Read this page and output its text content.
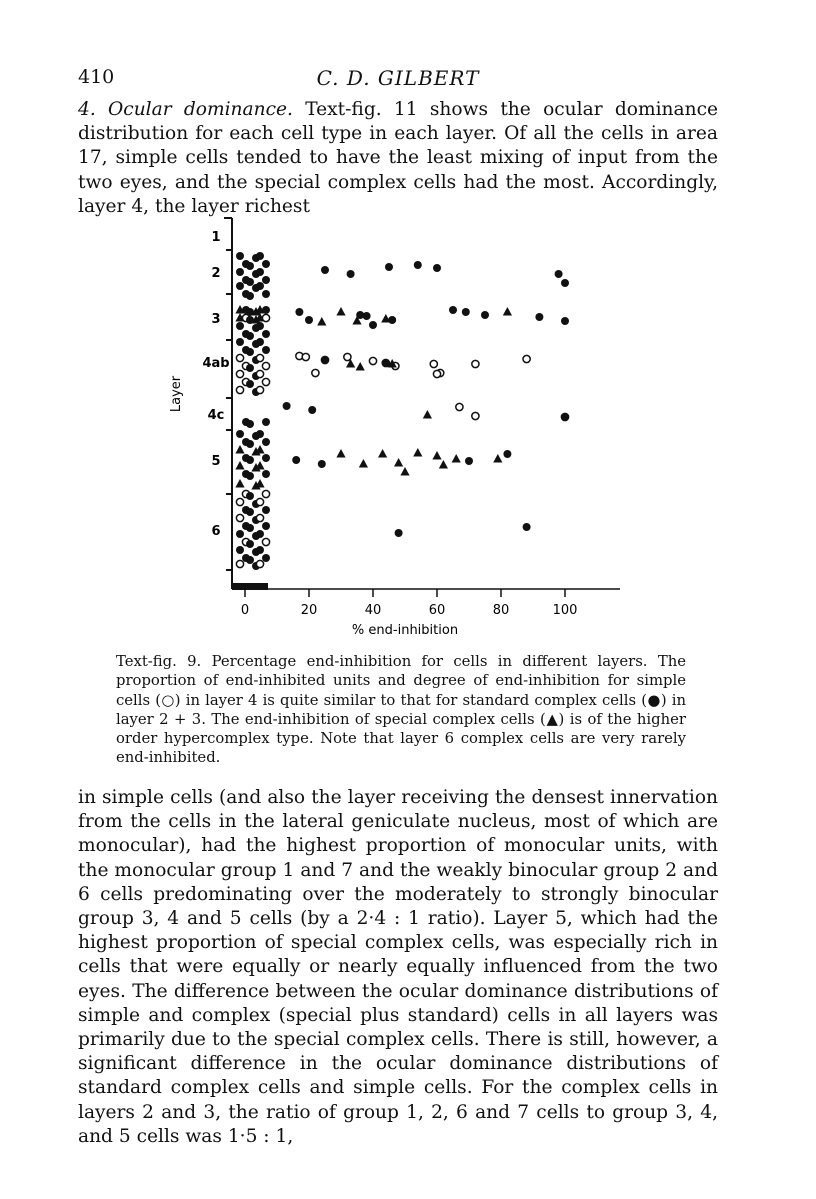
410	C. D. GILBERT
4. Ocular dominance. Text-fig. 11 shows the ocular dominance distribution for each cell type in each layer. Of all the cells in area 17, simple cells tended to have the least mixing of input from the two eyes, and the special complex cells had the most. Accordingly, layer 4, the layer richest
0	20	40	60	80	100
% end-inhibition
1
2
3
4ab
4c
5
6
Layer
Text-fig. 9. Percentage end-inhibition for cells in different layers. The proportion of end-inhibited units and degree of end-inhibition for simple cells (○) in layer 4 is quite similar to that for standard complex cells (●) in layer 2 + 3. The end-inhibition of special complex cells (▲) is of the higher order hypercomplex type. Note that layer 6 complex cells are very rarely end-inhibited.
in simple cells (and also the layer receiving the densest innervation from the cells in the lateral geniculate nucleus, most of which are monocular), had the highest proportion of monocular units, with the monocular group 1 and 7 and the weakly binocular group 2 and 6 cells predominating over the moderately to strongly binocular group 3, 4 and 5 cells (by a 2·4 : 1 ratio). Layer 5, which had the highest proportion of special complex cells, was especially rich in cells that were equally or nearly equally influenced from the two eyes. The difference between the ocular dominance distributions of simple and complex (special plus standard) cells in all layers was primarily due to the special complex cells. There is still, however, a significant difference in the ocular dominance distributions of standard complex cells and simple cells. For the complex cells in layers 2 and 3, the ratio of group 1, 2, 6 and 7 cells to group 3, 4, and 5 cells was 1·5 : 1,
